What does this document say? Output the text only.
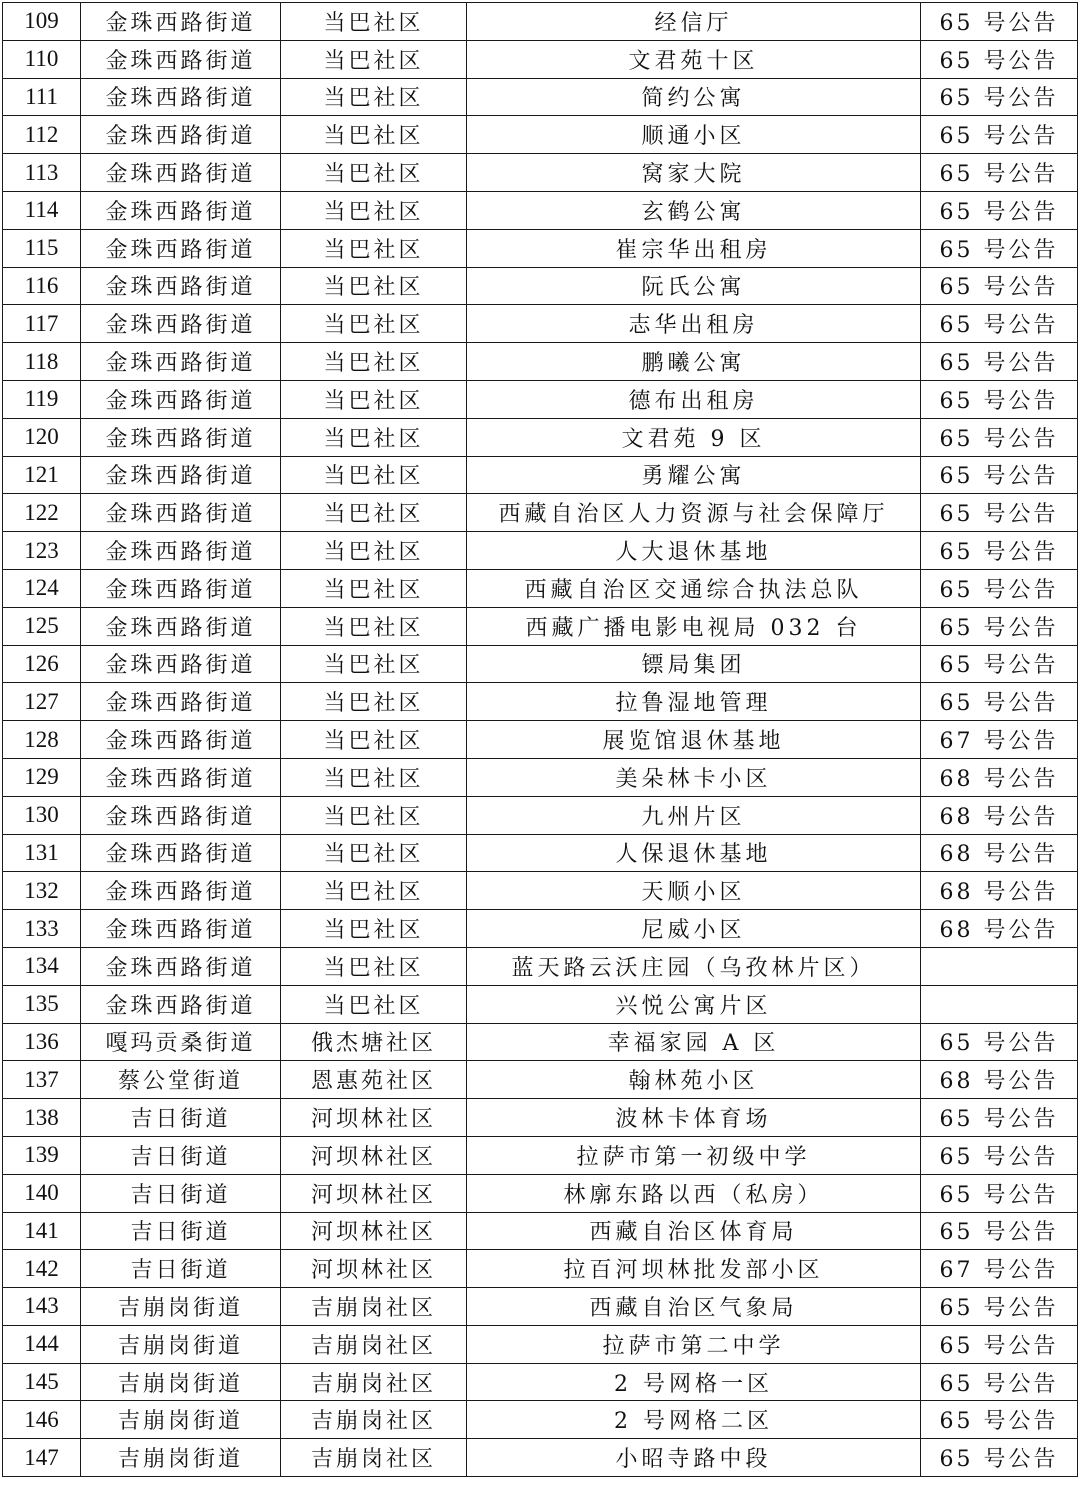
109	金珠西路街道	当巴社区	经信厅	65 号公告
110	金珠西路街道	当巴社区	文君苑十区	65 号公告
111	金珠西路街道	当巴社区	简约公寓	65 号公告
112	金珠西路街道	当巴社区	顺通小区	65 号公告
113	金珠西路街道	当巴社区	窝家大院	65 号公告
114	金珠西路街道	当巴社区	玄鹤公寓	65 号公告
115	金珠西路街道	当巴社区	崔宗华出租房	65 号公告
116	金珠西路街道	当巴社区	阮氏公寓	65 号公告
117	金珠西路街道	当巴社区	志华出租房	65 号公告
118	金珠西路街道	当巴社区	鹏曦公寓	65 号公告
119	金珠西路街道	当巴社区	德布出租房	65 号公告
120	金珠西路街道	当巴社区	文君苑 9 区	65 号公告
121	金珠西路街道	当巴社区	勇耀公寓	65 号公告
122	金珠西路街道	当巴社区	西藏自治区人力资源与社会保障厅	65 号公告
123	金珠西路街道	当巴社区	人大退休基地	65 号公告
124	金珠西路街道	当巴社区	西藏自治区交通综合执法总队	65 号公告
125	金珠西路街道	当巴社区	西藏广播电影电视局 032 台	65 号公告
126	金珠西路街道	当巴社区	镖局集团	65 号公告
127	金珠西路街道	当巴社区	拉鲁湿地管理	65 号公告
128	金珠西路街道	当巴社区	展览馆退休基地	67 号公告
129	金珠西路街道	当巴社区	美朵林卡小区	68 号公告
130	金珠西路街道	当巴社区	九州片区	68 号公告
131	金珠西路街道	当巴社区	人保退休基地	68 号公告
132	金珠西路街道	当巴社区	天顺小区	68 号公告
133	金珠西路街道	当巴社区	尼威小区	68 号公告
134	金珠西路街道	当巴社区	蓝天路云沃庄园（乌孜林片区）	
135	金珠西路街道	当巴社区	兴悦公寓片区	
136	嘎玛贡桑街道	俄杰塘社区	幸福家园 A 区	65 号公告
137	蔡公堂街道	恩惠苑社区	翰林苑小区	68 号公告
138	吉日街道	河坝林社区	波林卡体育场	65 号公告
139	吉日街道	河坝林社区	拉萨市第一初级中学	65 号公告
140	吉日街道	河坝林社区	林廓东路以西（私房）	65 号公告
141	吉日街道	河坝林社区	西藏自治区体育局	65 号公告
142	吉日街道	河坝林社区	拉百河坝林批发部小区	67 号公告
143	吉崩岗街道	吉崩岗社区	西藏自治区气象局	65 号公告
144	吉崩岗街道	吉崩岗社区	拉萨市第二中学	65 号公告
145	吉崩岗街道	吉崩岗社区	2 号网格一区	65 号公告
146	吉崩岗街道	吉崩岗社区	2 号网格二区	65 号公告
147	吉崩岗街道	吉崩岗社区	小昭寺路中段	65 号公告
